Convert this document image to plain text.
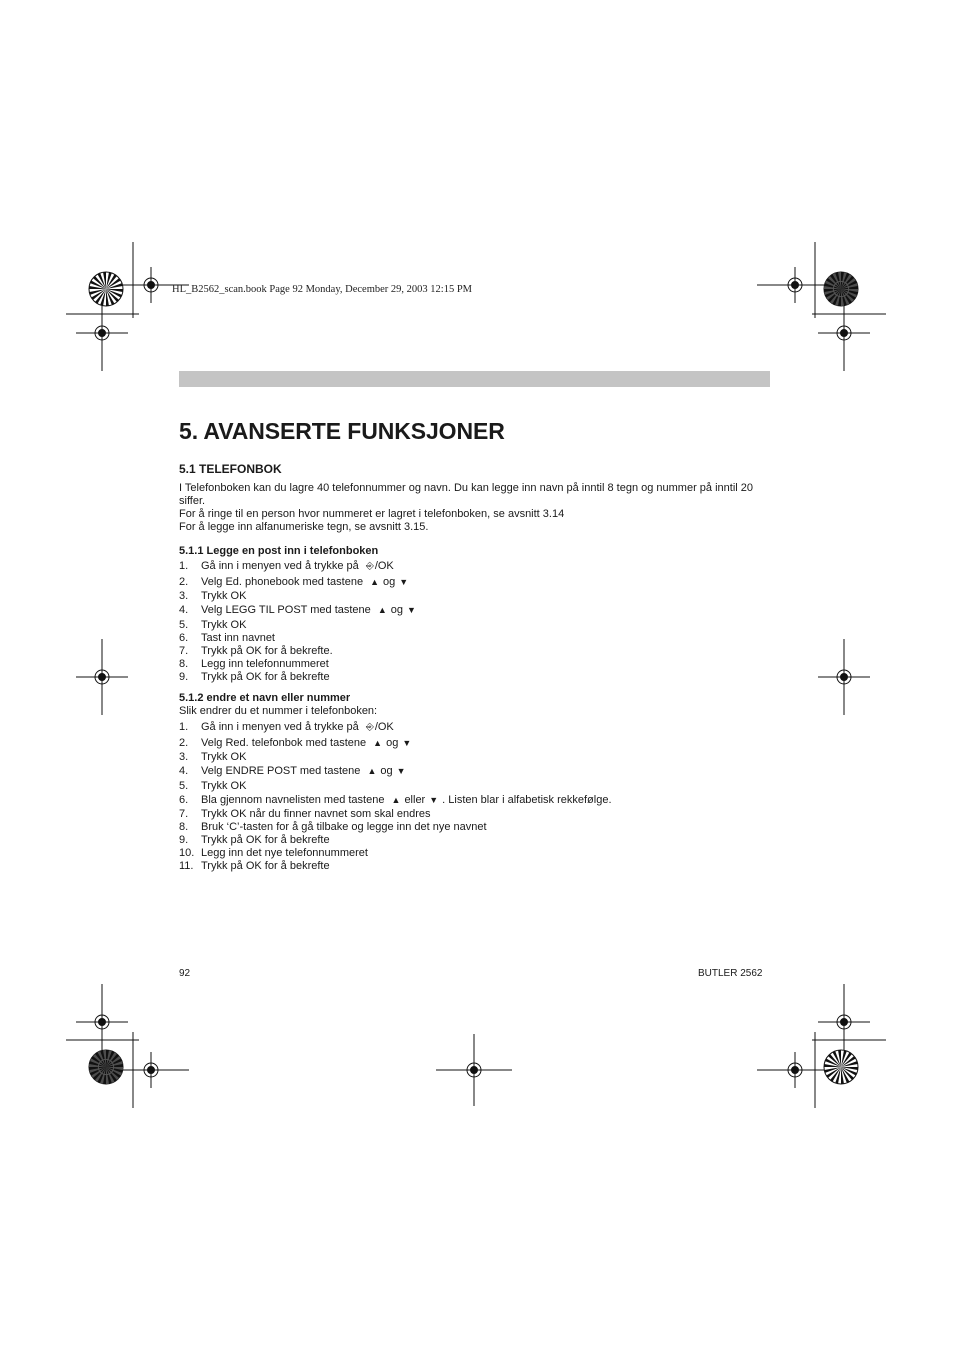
HL_B2562_scan.book Page 92 Monday, December 29, 2003 12:15 PM
5. AVANSERTE FUNKSJONER
5.1 TELEFONBOK

I Telefonboken kan du lagre 40 telefonnummer og navn. Du kan legge inn navn på inntil 8 tegn og nummer på inntil 20 siffer.

For å ringe til en person hvor nummeret er lagret i telefonboken, se avsnitt 3.14

For å legge inn alfanumeriske tegn, se avsnitt 3.15.

5.1.1 Legge en post inn i telefonboken
1. Gå inn i menyen ved å trykke på ⎆/OK
2. Velg Ed. phonebook med tastene ▲ og ▼
3. Trykk OK
4. Velg LEGG TIL POST med tastene ▲ og ▼
5. Trykk OK
6. Tast inn navnet
7. Trykk på OK for å bekrefte.
8. Legg inn telefonnummeret
9. Trykk på OK for å bekrefte
5.1.2 endre et navn eller nummer

Slik endrer du et nummer i telefonboken:

1. Gå inn i menyen ved å trykke på ⎆/OK
2. Velg Red. telefonbok med tastene ▲ og ▼
3. Trykk OK
4. Velg ENDRE POST med tastene ▲ og ▼
5. Trykk OK
6. Bla gjennom navnelisten med tastene ▲ eller ▼ . Listen blar i alfabetisk rekkefølge.
7. Trykk OK når du finner navnet som skal endres
8. Bruk ‘C’-tasten for å gå tilbake og legge inn det nye navnet
9. Trykk på OK for å bekrefte
10. Legg inn det nye telefonnummeret
11. Trykk på OK for å bekrefte
92	BUTLER 2562
